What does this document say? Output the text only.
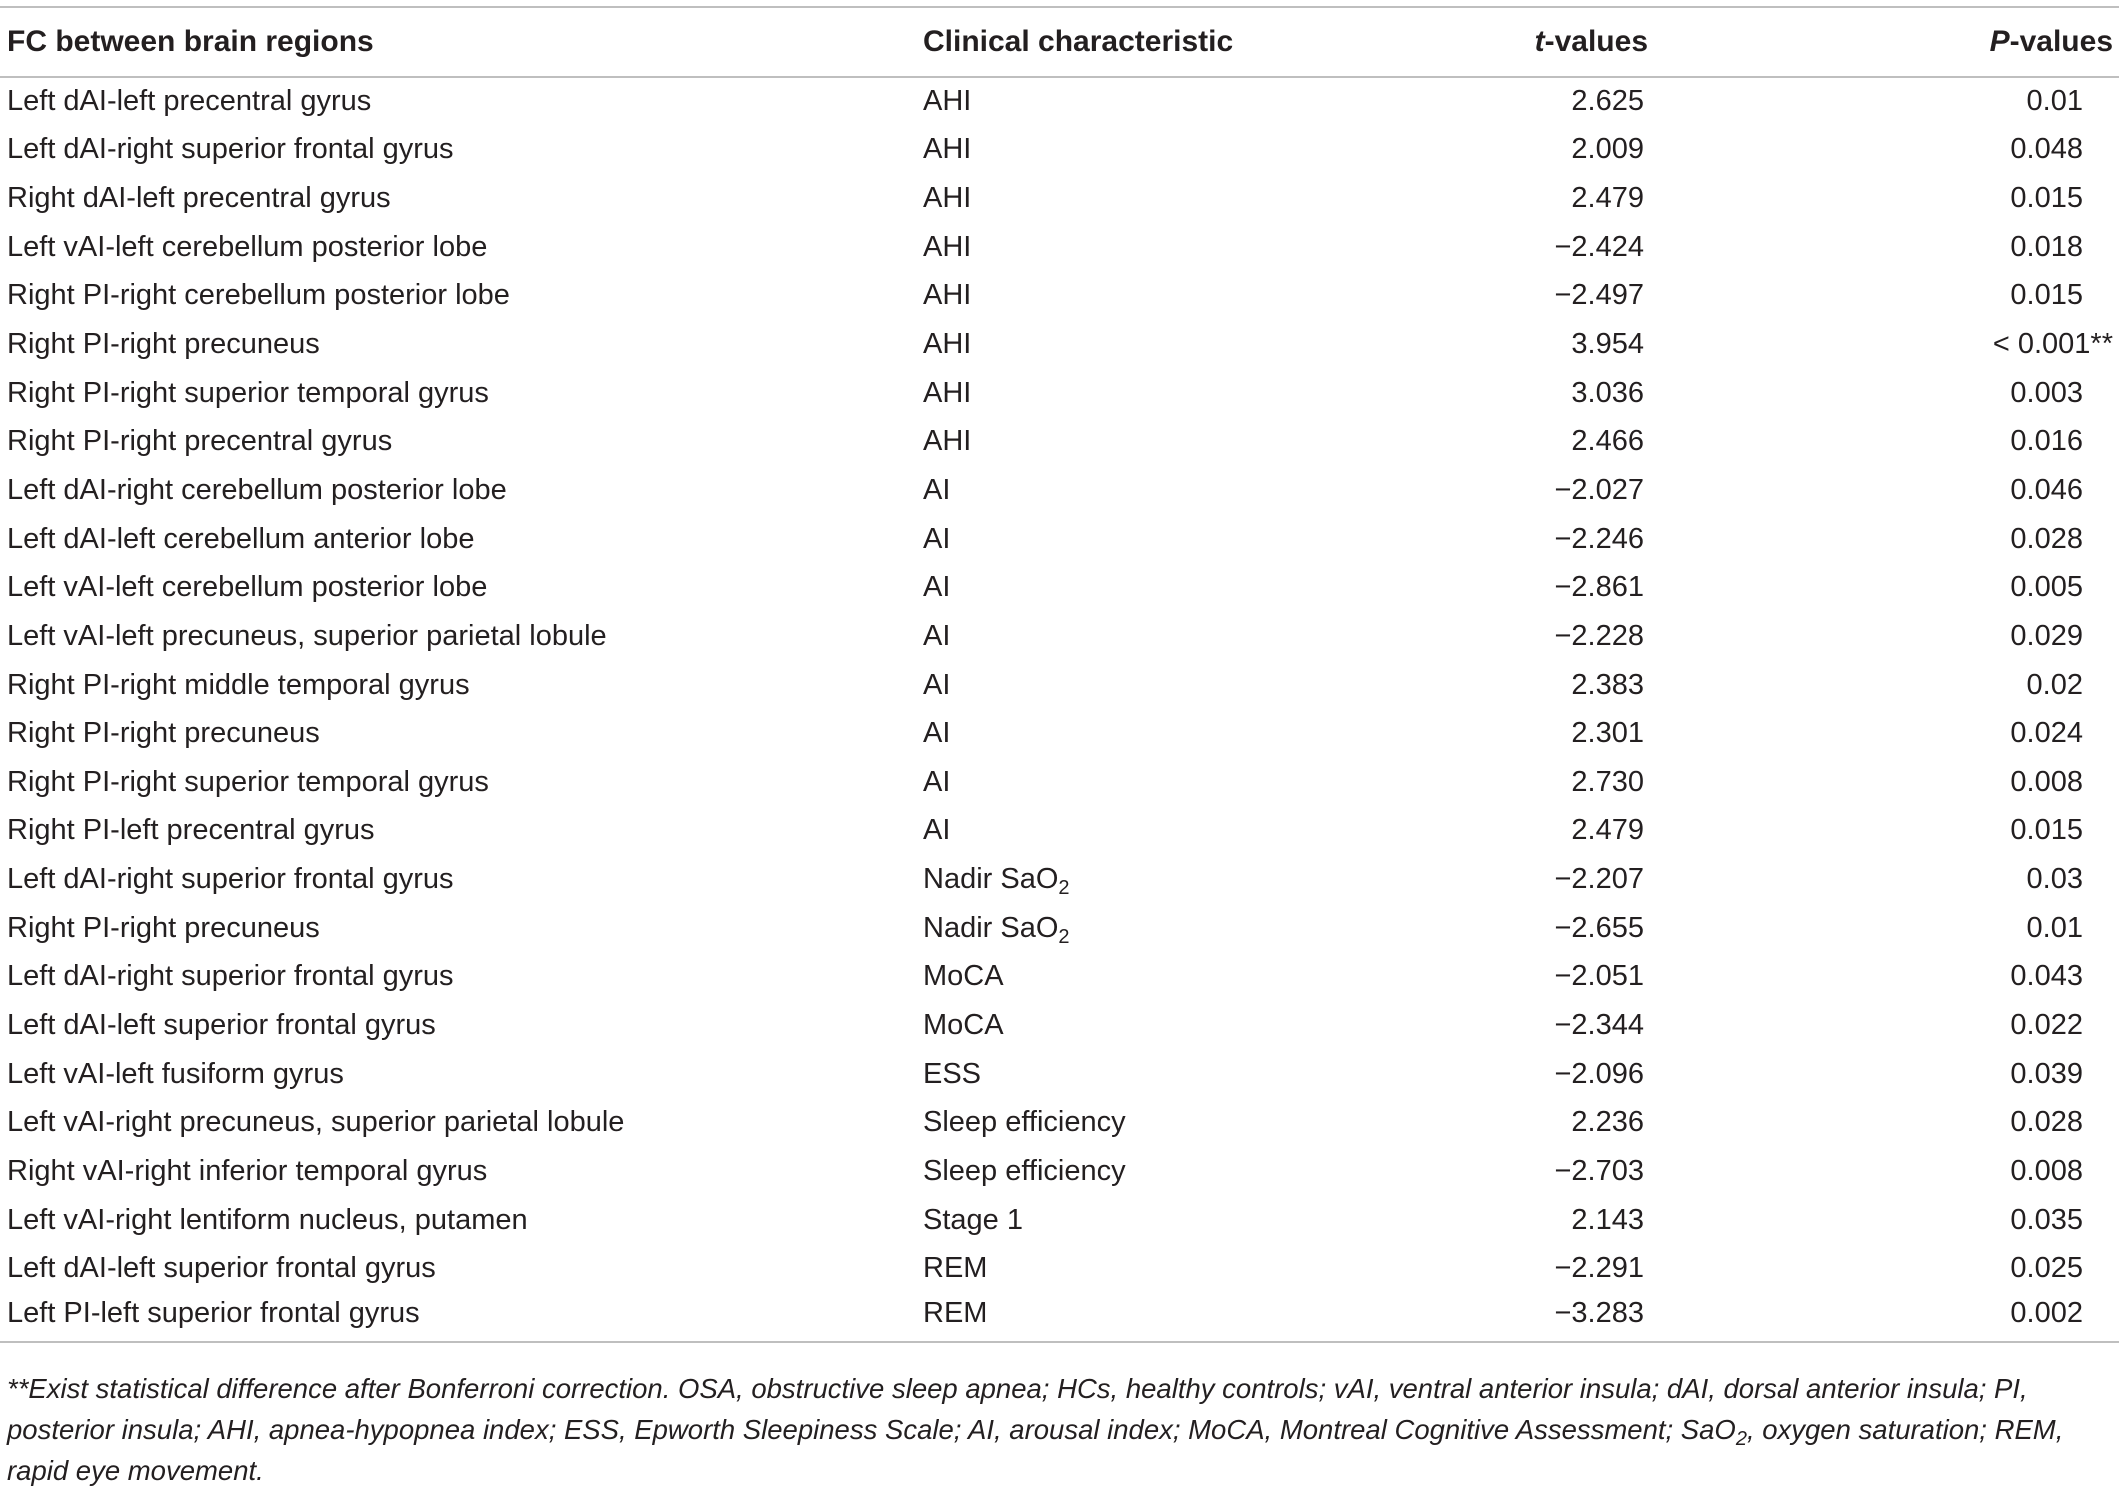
FC between brain regions	Clinical characteristic	t-values	P-values
Left dAI-left precentral gyrus	AHI	2.625	0.01
Left dAI-right superior frontal gyrus	AHI	2.009	0.048
Right dAI-left precentral gyrus	AHI	2.479	0.015
Left vAI-left cerebellum posterior lobe	AHI	−2.424	0.018
Right PI-right cerebellum posterior lobe	AHI	−2.497	0.015
Right PI-right precuneus	AHI	3.954	< 0.001**
Right PI-right superior temporal gyrus	AHI	3.036	0.003
Right PI-right precentral gyrus	AHI	2.466	0.016
Left dAI-right cerebellum posterior lobe	AI	−2.027	0.046
Left dAI-left cerebellum anterior lobe	AI	−2.246	0.028
Left vAI-left cerebellum posterior lobe	AI	−2.861	0.005
Left vAI-left precuneus, superior parietal lobule	AI	−2.228	0.029
Right PI-right middle temporal gyrus	AI	2.383	0.02
Right PI-right precuneus	AI	2.301	0.024
Right PI-right superior temporal gyrus	AI	2.730	0.008
Right PI-left precentral gyrus	AI	2.479	0.015
Left dAI-right superior frontal gyrus	Nadir SaO$_2$	−2.207	0.03
Right PI-right precuneus	Nadir SaO$_2$	−2.655	0.01
Left dAI-right superior frontal gyrus	MoCA	−2.051	0.043
Left dAI-left superior frontal gyrus	MoCA	−2.344	0.022
Left vAI-left fusiform gyrus	ESS	−2.096	0.039
Left vAI-right precuneus, superior parietal lobule	Sleep efficiency	2.236	0.028
Right vAI-right inferior temporal gyrus	Sleep efficiency	−2.703	0.008
Left vAI-right lentiform nucleus, putamen	Stage 1	2.143	0.035
Left dAI-left superior frontal gyrus	REM	−2.291	0.025
Left PI-left superior frontal gyrus	REM	−3.283	0.002
**Exist statistical difference after Bonferroni correction. OSA, obstructive sleep apnea; HCs, healthy controls; vAI, ventral anterior insula; dAI, dorsal anterior insula; PI, posterior insula; AHI, apnea-hypopnea index; ESS, Epworth Sleepiness Scale; AI, arousal index; MoCA, Montreal Cognitive Assessment; SaO$_2$, oxygen saturation; REM, rapid eye movement.
